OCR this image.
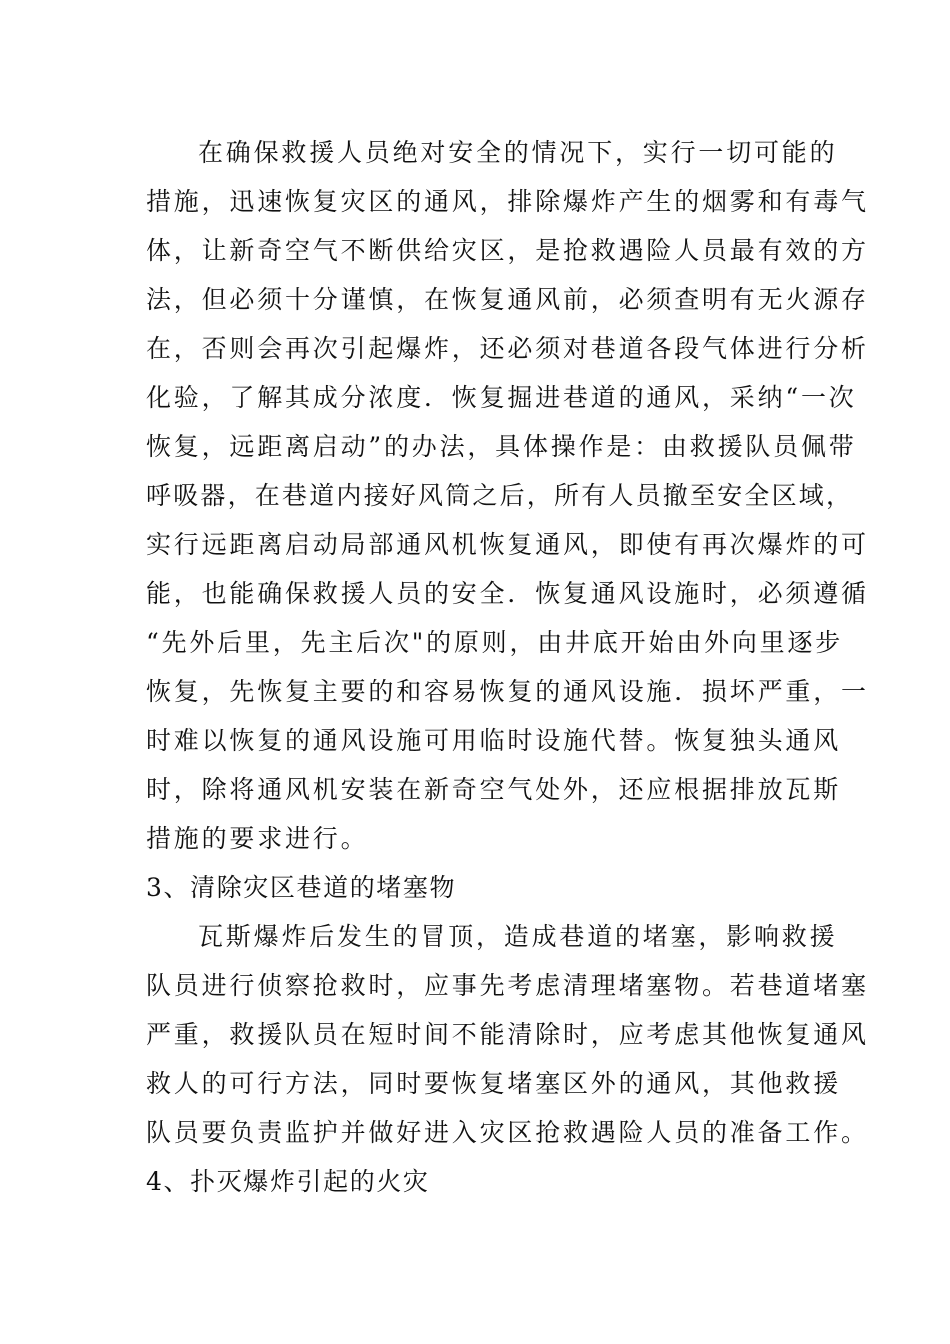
在确保救援人员绝对安全的情况下，实行一切可能的
措施，迅速恢复灾区的通风，排除爆炸产生的烟雾和有毒气
体，让新奇空气不断供给灾区，是抢救遇险人员最有效的方
法，但必须十分谨慎，在恢复通风前，必须查明有无火源存
在，否则会再次引起爆炸，还必须对巷道各段气体进行分析
化验，了解其成分浓度．恢复掘进巷道的通风，采纳“一次
恢复，远距离启动”的办法，具体操作是：由救援队员佩带
呼吸器，在巷道内接好风筒之后，所有人员撤至安全区域，
实行远距离启动局部通风机恢复通风，即使有再次爆炸的可
能，也能确保救援人员的安全．恢复通风设施时，必须遵循
“先外后里，先主后次"的原则，由井底开始由外向里逐步
恢复，先恢复主要的和容易恢复的通风设施．损坏严重，一
时难以恢复的通风设施可用临时设施代替。恢复独头通风
时，除将通风机安装在新奇空气处外，还应根据排放瓦斯
措施的要求进行。
3、清除灾区巷道的堵塞物
瓦斯爆炸后发生的冒顶，造成巷道的堵塞，影响救援
队员进行侦察抢救时，应事先考虑清理堵塞物。若巷道堵塞
严重，救援队员在短时间不能清除时，应考虑其他恢复通风
救人的可行方法，同时要恢复堵塞区外的通风，其他救援
队员要负责监护并做好进入灾区抢救遇险人员的准备工作。
4、扑灭爆炸引起的火灾
